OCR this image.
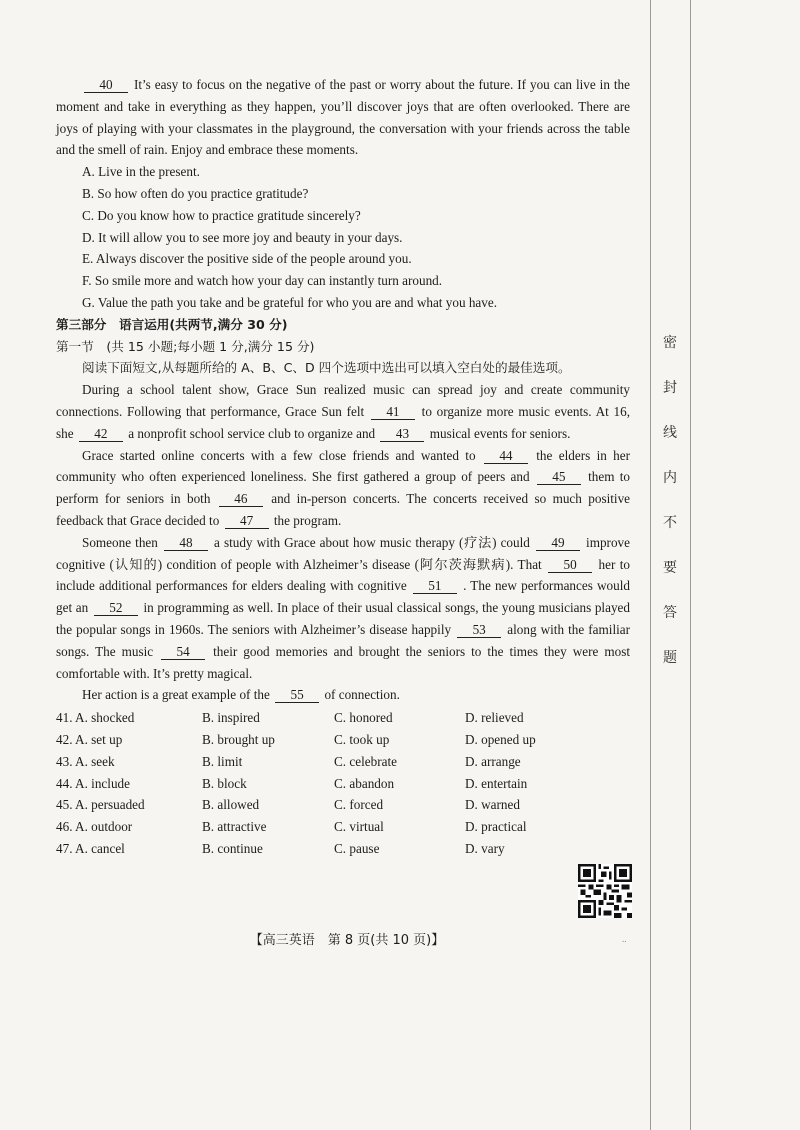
40 It’s easy to focus on the negative of the past or worry about the future. If you can live in the moment and take in everything as they happen, you’ll discover joys that are often overlooked. There are joys of playing with your classmates in the playground, the conversation with your friends across the table and the smell of rain. Enjoy and embrace these moments.

A. Live in the present.

B. So how often do you practice gratitude?

C. Do you know how to practice gratitude sincerely?

D. It will allow you to see more joy and beauty in your days.

E. Always discover the positive side of the people around you.

F. So smile more and watch how your day can instantly turn around.

G. Value the path you take and be grateful for who you are and what you have.

第三部分　语言运用(共两节,满分 30 分)

第一节　(共 15 小题;每小题 1 分,满分 15 分)

阅读下面短文,从每题所给的 A、B、C、D 四个选项中选出可以填入空白处的最佳选项。

During a school talent show, Grace Sun realized music can spread joy and create community connections. Following that performance, Grace Sun felt 41 to organize more music events. At 16, she 42 a nonprofit school service club to organize and 43 musical events for seniors.

Grace started online concerts with a few close friends and wanted to 44 the elders in her community who often experienced loneliness. She first gathered a group of peers and 45 them to perform for seniors in both 46 and in-person concerts. The concerts received so much positive feedback that Grace decided to 47 the program.

Someone then 48 a study with Grace about how music therapy (疗法) could 49 improve cognitive (认知的) condition of people with Alzheimer’s disease (阿尔茨海默病). That 50 her to include additional performances for elders dealing with cognitive 51 . The new performances would get an 52 in programming as well. In place of their usual classical songs, the young musicians played the popular songs in 1960s. The seniors with Alzheimer’s disease happily 53 along with the familiar songs. The music 54 their good memories and brought the seniors to the times they were most comfortable with. It’s pretty magical.

Her action is a great example of the 55 of connection.

41. A. shocked	B. inspired	C. honored	D. relieved
42. A. set up	B. brought up	C. took up	D. opened up
43. A. seek	B. limit	C. celebrate	D. arrange
44. A. include	B. block	C. abandon	D. entertain
45. A. persuaded	B. allowed	C. forced	D. warned
46. A. outdoor	B. attractive	C. virtual	D. practical
47. A. cancel	B. continue	C. pause	D. vary
【高三英语　第 8 页(共 10 页)】	..
密
封
线
内
不
要
答
题
